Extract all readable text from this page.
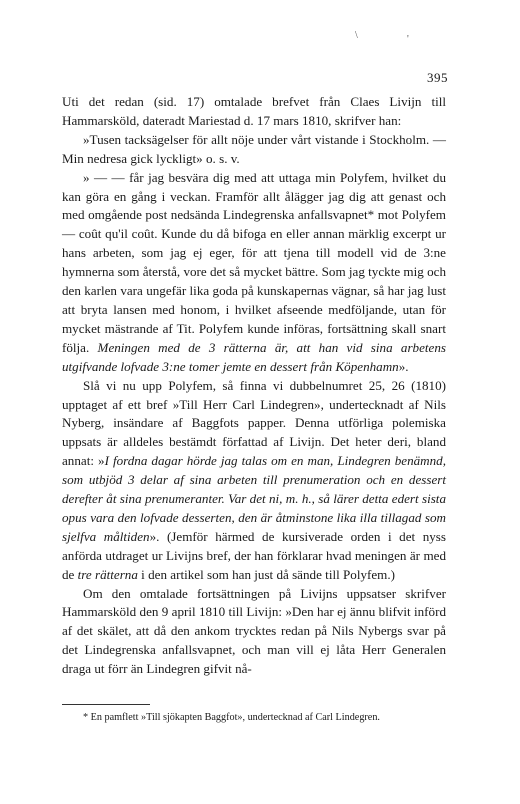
\	'
395

Uti det redan (sid. 17) omtalade brefvet från Claes Livijn till Hammarsköld, dateradt Mariestad d. 17 mars 1810, skrifver han:

»Tusen tacksägelser för allt nöje under vårt vistande i Stockholm. — Min nedresa gick lyckligt» o. s. v.

» — — får jag besvära dig med att uttaga min Polyfem, hvilket du kan göra en gång i veckan. Framför allt ålägger jag dig att genast och med omgående post nedsända Lindegrenska anfallsvapnet* mot Polyfem — coût qu'il coût. Kunde du då bifoga en eller annan märklig excerpt ur hans arbeten, som jag ej eger, för att tjena till modell vid de 3:ne hymnerna som återstå, vore det så mycket bättre. Som jag tyckte mig och den karlen vara ungefär lika goda på kunskapernas vägnar, så har jag lust att bryta lansen med honom, i hvilket afseende medföljande, utan för mycket mästrande af Tit. Polyfem kunde införas, fortsättning skall snart följa. Meningen med de 3 rätterna är, att han vid sina arbetens utgifvande lofvade 3:ne tomer jemte en dessert från Köpenhamn».

Slå vi nu upp Polyfem, så finna vi dubbelnumret 25, 26 (1810) upptaget af ett bref »Till Herr Carl Lindegren», undertecknadt af Nils Nyberg, insändare af Baggfots papper. Denna utförliga polemiska uppsats är alldeles bestämdt författad af Livijn. Det heter deri, bland annat: »I fordna dagar hörde jag talas om en man, Lindegren benämnd, som utbjöd 3 delar af sina arbeten till prenumeration och en dessert derefter åt sina prenumeranter. Var det ni, m. h., så lärer detta edert sista opus vara den lofvade desserten, den är åtminstone lika illa tillagad som sjelfva måltiden». (Jemför härmed de kursiverade orden i det nyss anförda utdraget ur Livijns bref, der han förklarar hvad meningen är med de tre rätterna i den artikel som han just då sände till Polyfem.)

Om den omtalade fortsättningen på Livijns uppsatser skrifver Hammarsköld den 9 april 1810 till Livijn: »Den har ej ännu blifvit införd af det skälet, att då den ankom trycktes redan på Nils Nybergs svar på det Lindegrenska anfallsvapnet, och man vill ej låta Herr Generalen draga ut förr än Lindegren gifvit nå-

* En pamflett »Till sjökapten Baggfot», undertecknad af Carl Lindegren.
